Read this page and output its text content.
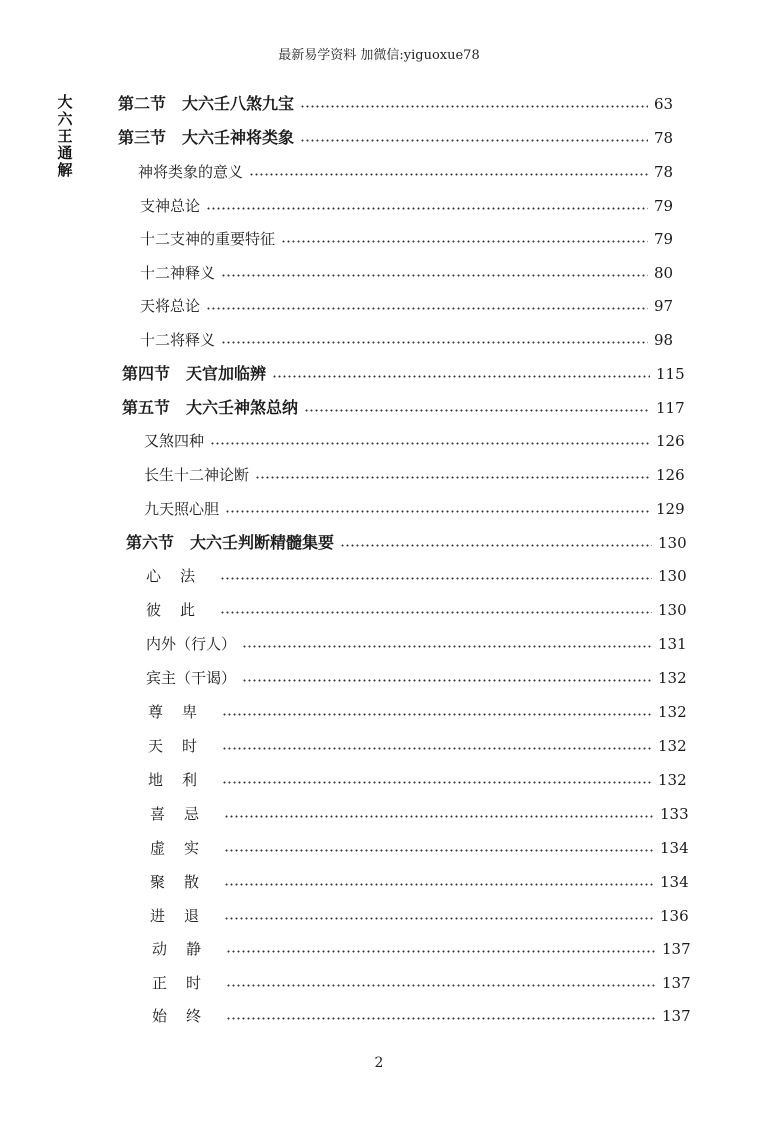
最新易学资料 加微信:yiguoxue78
大六王通解
第二节　大六壬八煞九宝	63
第三节　大六壬神将类象	78
神将类象的意义	78
支神总论	79
十二支神的重要特征	79
十二神释义	80
天将总论	97
十二将释义	98
第四节　天官加临辨	115
第五节　大六壬神煞总纳	117
又煞四种	126
长生十二神论断	126
九天照心胆	129
第六节　大六壬判断精髓集要	130
心法	130
彼此	130
内外（行人）	131
宾主（干谒）	132
尊卑	132
天时	132
地利	132
喜忌	133
虚实	134
聚散	134
进退	136
动静	137
正时	137
始终	137
2
